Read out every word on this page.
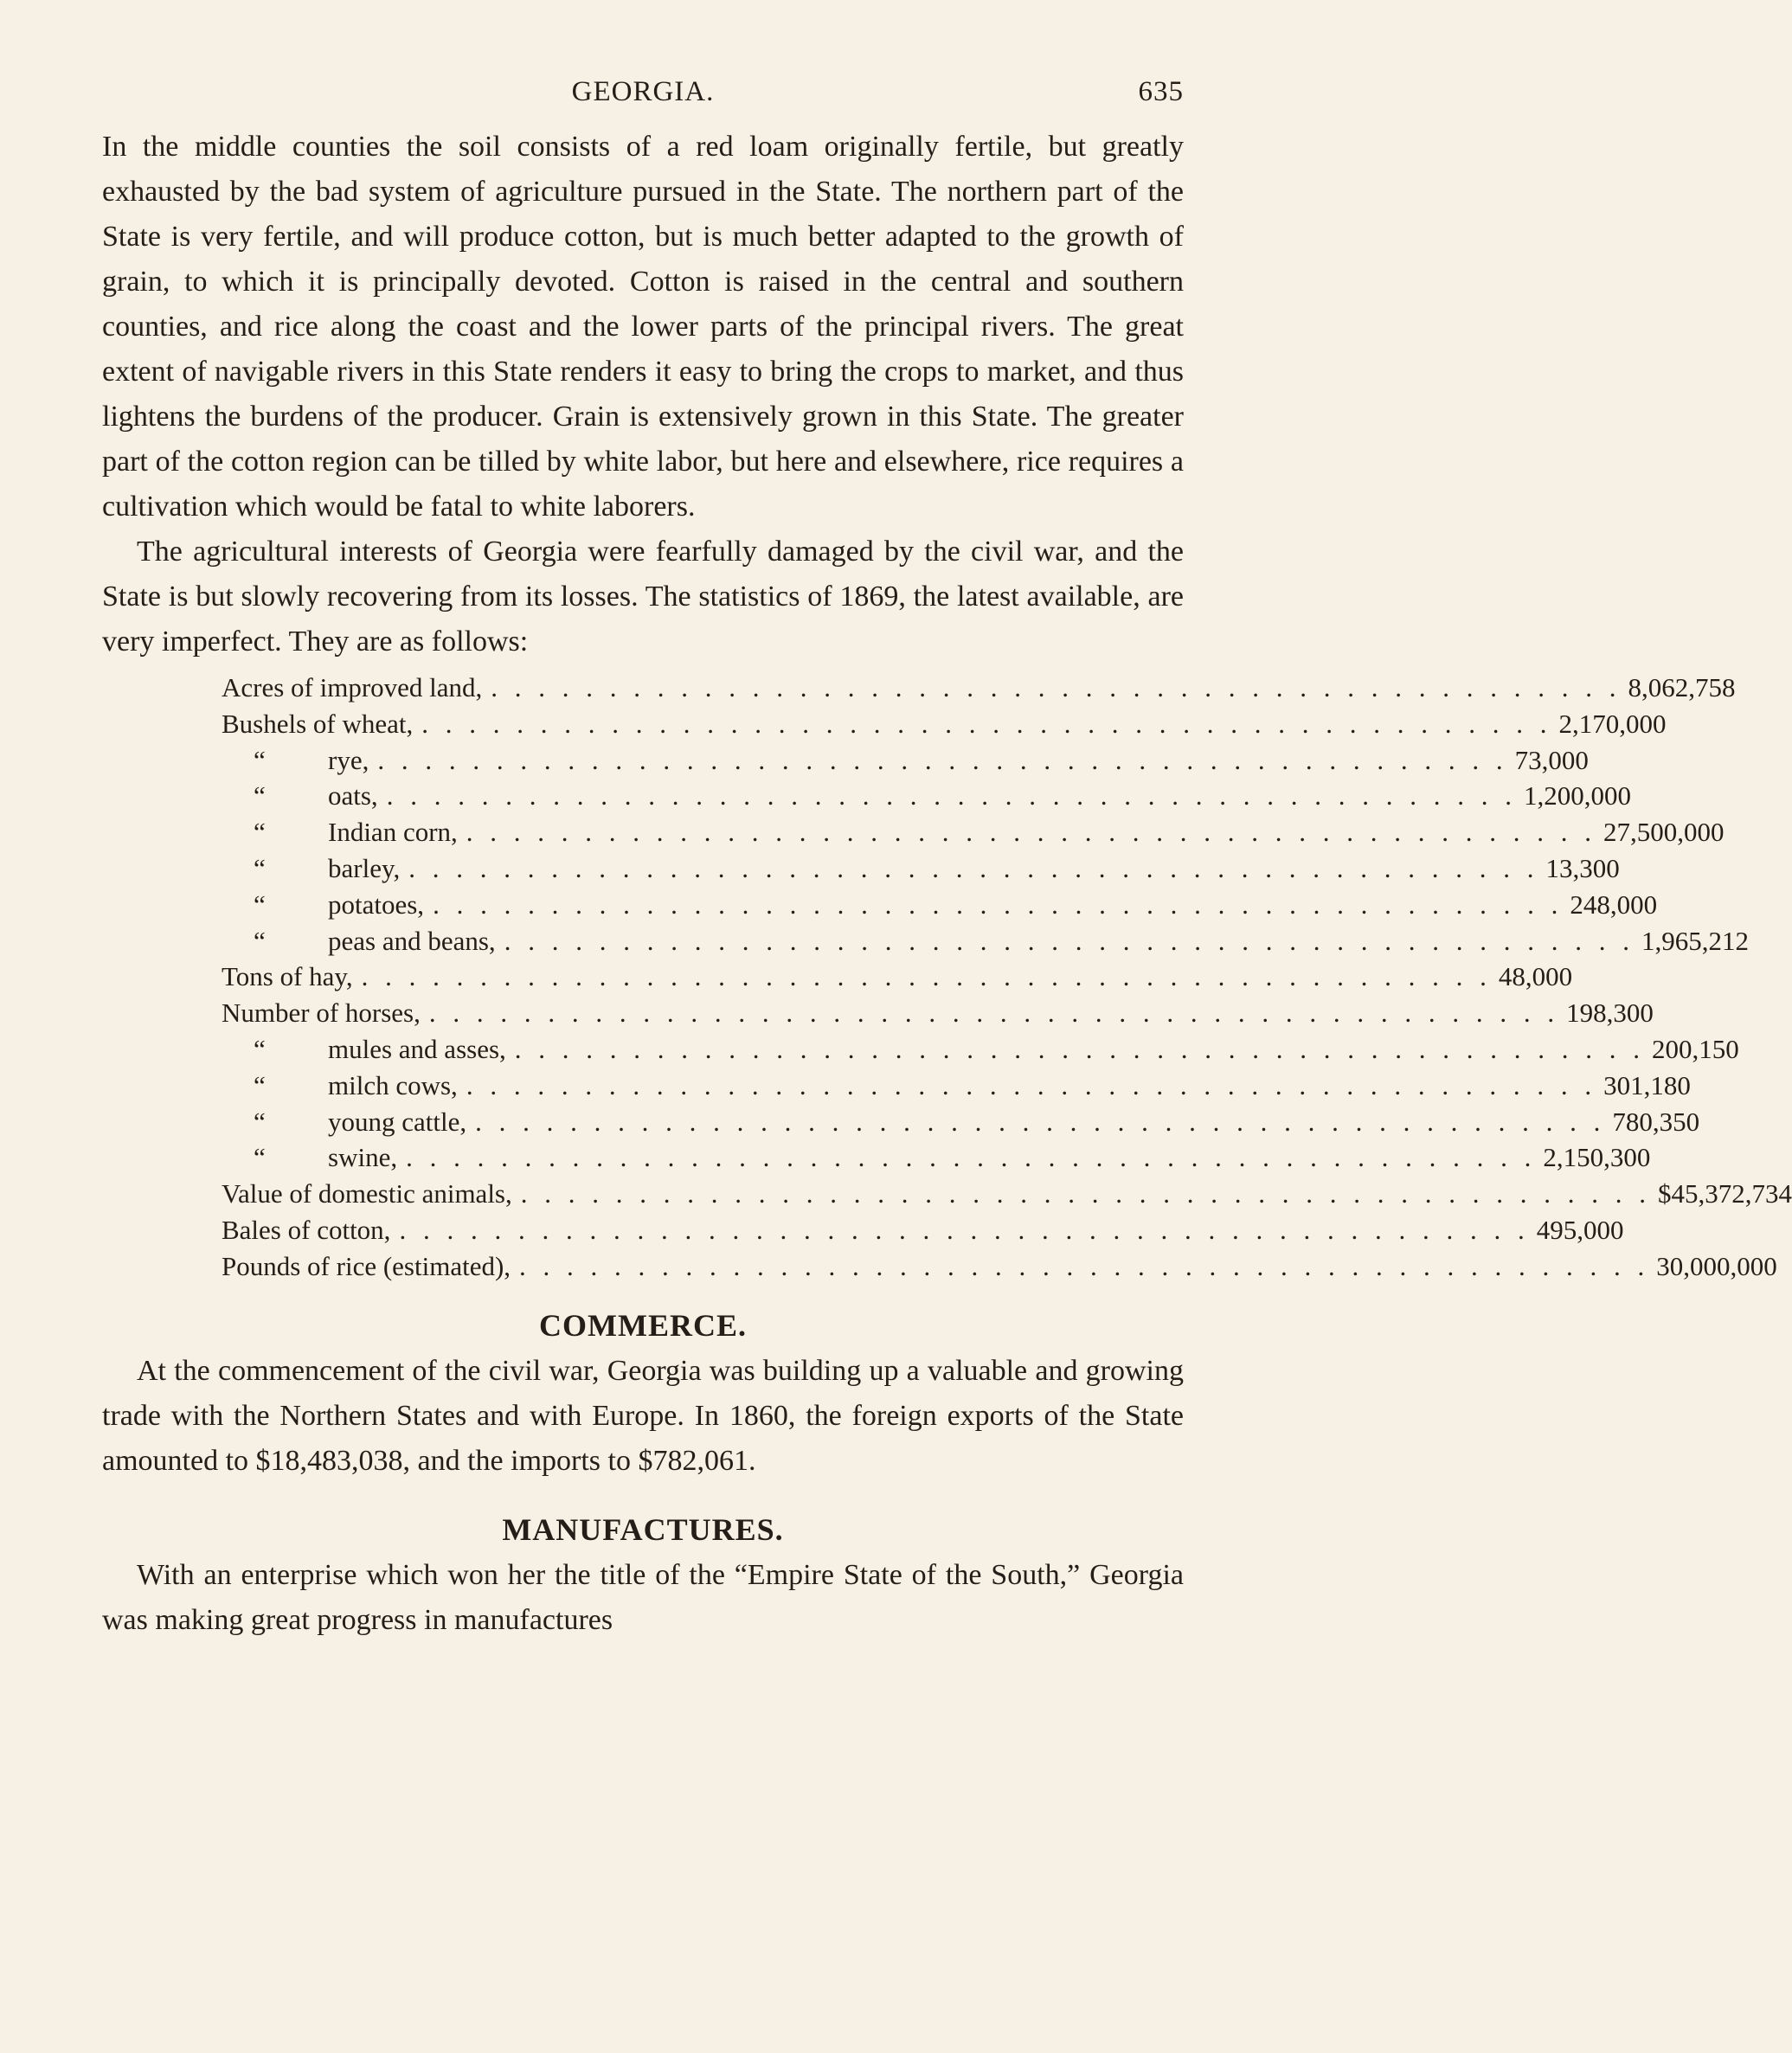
GEORGIA.	635

In the middle counties the soil consists of a red loam originally fertile, but greatly exhausted by the bad system of agriculture pursued in the State. The northern part of the State is very fertile, and will produce cotton, but is much better adapted to the growth of grain, to which it is principally devoted. Cotton is raised in the central and southern counties, and rice along the coast and the lower parts of the principal rivers. The great extent of navigable rivers in this State renders it easy to bring the crops to market, and thus lightens the burdens of the producer. Grain is extensively grown in this State. The greater part of the cotton region can be tilled by white labor, but here and elsewhere, rice requires a cultivation which would be fatal to white laborers.

The agricultural interests of Georgia were fearfully damaged by the civil war, and the State is but slowly recovering from its losses. The statistics of 1869, the latest available, are very imperfect. They are as follows:

Acres of improved land, . . . . . . . . . . . . . . . . . . . . . . . . . . . . . . . . . . . . . . . . . . . . . . . . 8,062,758
Bushels of wheat, . . . . . . . . . . . . . . . . . . . . . . . . . . . . . . . . . . . . . . . . . . . . . . . . 2,170,000
“ rye, . . . . . . . . . . . . . . . . . . . . . . . . . . . . . . . . . . . . . . . . . . . . . . . . 73,000
“ oats, . . . . . . . . . . . . . . . . . . . . . . . . . . . . . . . . . . . . . . . . . . . . . . . . 1,200,000
“ Indian corn, . . . . . . . . . . . . . . . . . . . . . . . . . . . . . . . . . . . . . . . . . . . . . . . . 27,500,000
“ barley, . . . . . . . . . . . . . . . . . . . . . . . . . . . . . . . . . . . . . . . . . . . . . . . . 13,300
“ potatoes, . . . . . . . . . . . . . . . . . . . . . . . . . . . . . . . . . . . . . . . . . . . . . . . . 248,000
“ peas and beans, . . . . . . . . . . . . . . . . . . . . . . . . . . . . . . . . . . . . . . . . . . . . . . . . 1,965,212
Tons of hay, . . . . . . . . . . . . . . . . . . . . . . . . . . . . . . . . . . . . . . . . . . . . . . . . 48,000
Number of horses, . . . . . . . . . . . . . . . . . . . . . . . . . . . . . . . . . . . . . . . . . . . . . . . . 198,300
“ mules and asses, . . . . . . . . . . . . . . . . . . . . . . . . . . . . . . . . . . . . . . . . . . . . . . . . 200,150
“ milch cows, . . . . . . . . . . . . . . . . . . . . . . . . . . . . . . . . . . . . . . . . . . . . . . . . 301,180
“ young cattle, . . . . . . . . . . . . . . . . . . . . . . . . . . . . . . . . . . . . . . . . . . . . . . . . 780,350
“ swine, . . . . . . . . . . . . . . . . . . . . . . . . . . . . . . . . . . . . . . . . . . . . . . . . 2,150,300
Value of domestic animals, . . . . . . . . . . . . . . . . . . . . . . . . . . . . . . . . . . . . . . . . . . . . . . . . $45,372,734
Bales of cotton, . . . . . . . . . . . . . . . . . . . . . . . . . . . . . . . . . . . . . . . . . . . . . . . . 495,000
Pounds of rice (estimated), . . . . . . . . . . . . . . . . . . . . . . . . . . . . . . . . . . . . . . . . . . . . . . . . 30,000,000
COMMERCE.

At the commencement of the civil war, Georgia was building up a valuable and growing trade with the Northern States and with Europe. In 1860, the foreign exports of the State amounted to $18,483,038, and the imports to $782,061.

MANUFACTURES.

With an enterprise which won her the title of the “Empire State of the South,” Georgia was making great progress in manufactures
